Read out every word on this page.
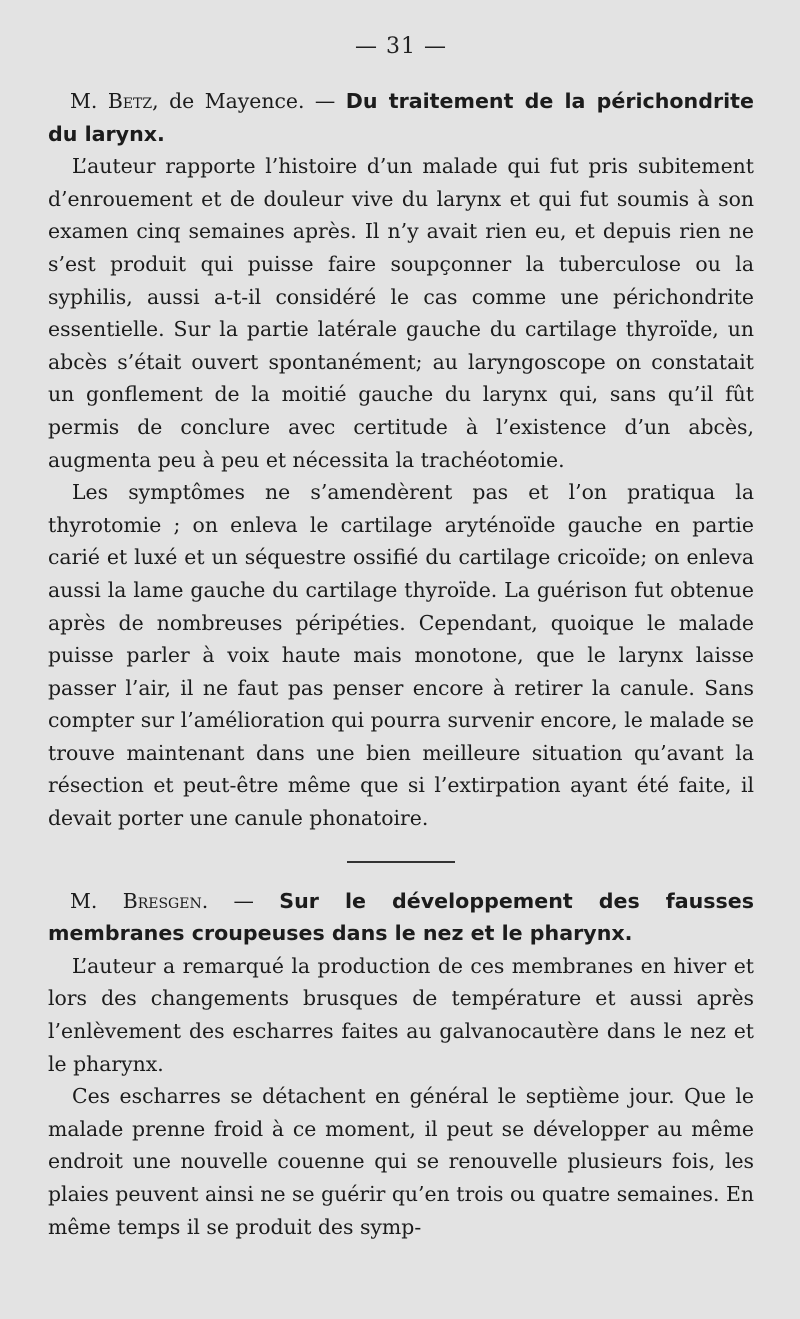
— 31 —

M. Betz, de Mayence. — Du traitement de la périchondrite du larynx.

L’auteur rapporte l’histoire d’un malade qui fut pris subitement d’enrouement et de douleur vive du larynx et qui fut soumis à son examen cinq semaines après. Il n’y avait rien eu, et depuis rien ne s’est produit qui puisse faire soupçonner la tuberculose ou la syphilis, aussi a-t-il considéré le cas comme une périchondrite essentielle. Sur la partie latérale gauche du cartilage thyroïde, un abcès s’était ouvert spontanément; au laryngoscope on constatait un gonflement de la moitié gauche du larynx qui, sans qu’il fût permis de conclure avec certitude à l’existence d’un abcès, augmenta peu à peu et nécessita la trachéotomie.

Les symptômes ne s’amendèrent pas et l’on pratiqua la thyrotomie ; on enleva le cartilage aryténoïde gauche en partie carié et luxé et un séquestre ossifié du cartilage cricoïde; on enleva aussi la lame gauche du cartilage thyroïde. La guérison fut obtenue après de nombreuses péripéties. Cependant, quoique le malade puisse parler à voix haute mais monotone, que le larynx laisse passer l’air, il ne faut pas penser encore à retirer la canule. Sans compter sur l’amélioration qui pourra survenir encore, le malade se trouve maintenant dans une bien meilleure situation qu’avant la résection et peut-être même que si l’extirpation ayant été faite, il devait porter une canule phonatoire.

M. Bresgen. — Sur le développement des fausses membranes croupeuses dans le nez et le pharynx.

L’auteur a remarqué la production de ces membranes en hiver et lors des changements brusques de température et aussi après l’enlèvement des escharres faites au galvanocautère dans le nez et le pharynx.

Ces escharres se détachent en général le septième jour. Que le malade prenne froid à ce moment, il peut se développer au même endroit une nouvelle couenne qui se renouvelle plusieurs fois, les plaies peuvent ainsi ne se guérir qu’en trois ou quatre semaines. En même temps il se produit des symp-
